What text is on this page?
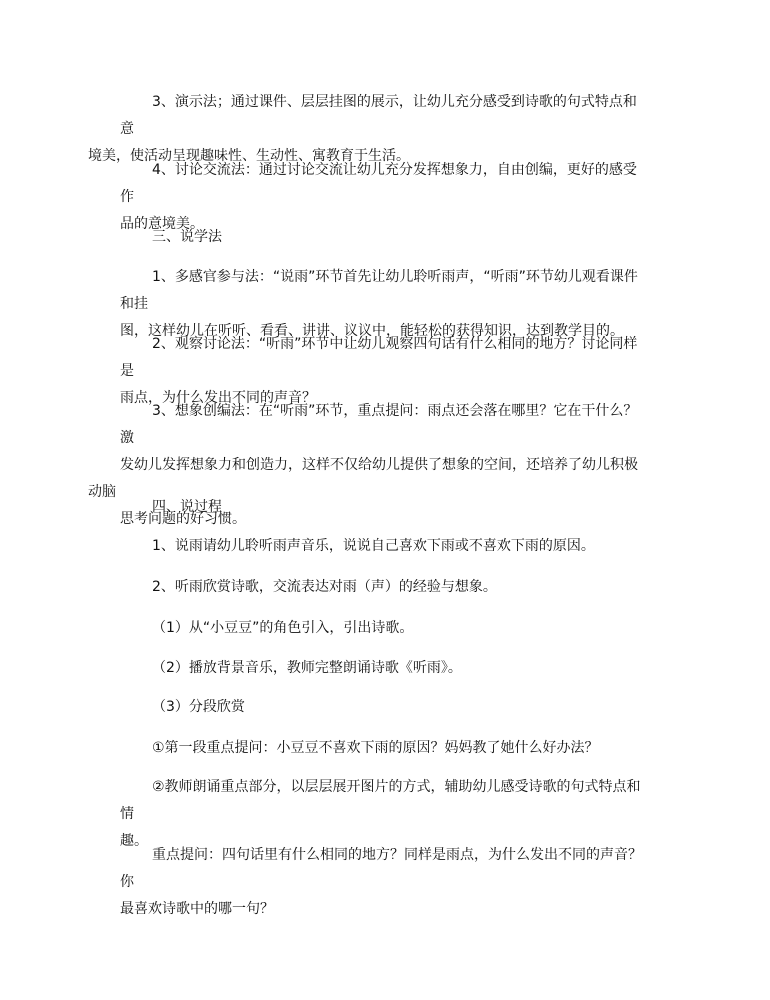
3、演示法；通过课件、层层挂图的展示，让幼儿充分感受到诗歌的句式特点和意
境美，使活动呈现趣味性、生动性、寓教育于生活。

4、讨论交流法：通过讨论交流让幼儿充分发挥想象力，自由创编，更好的感受作
品的意境美。

三、说学法

1、多感官参与法：“说雨”环节首先让幼儿聆听雨声，“听雨”环节幼儿观看课件和挂
图，这样幼儿在听听、看看、讲讲、议议中，能轻松的获得知识，达到教学目的。

2、观察讨论法：“听雨”环节中让幼儿观察四句话有什么相同的地方？讨论同样是
雨点，为什么发出不同的声音？

3、想象创编法：在“听雨”环节，重点提问：雨点还会落在哪里？它在干什么？激
发幼儿发挥想象力和创造力，这样不仅给幼儿提供了想象的空间，还培养了幼儿积极动脑
思考问题的好习惯。

四、说过程

1、说雨请幼儿聆听雨声音乐，说说自己喜欢下雨或不喜欢下雨的原因。

2、听雨欣赏诗歌，交流表达对雨（声）的经验与想象。

（1）从“小豆豆”的角色引入，引出诗歌。

（2）播放背景音乐，教师完整朗诵诗歌《听雨》。

（3）分段欣赏

①第一段重点提问：小豆豆不喜欢下雨的原因？妈妈教了她什么好办法？

②教师朗诵重点部分，以层层展开图片的方式，辅助幼儿感受诗歌的句式特点和情
趣。

重点提问：四句话里有什么相同的地方？同样是雨点，为什么发出不同的声音？你
最喜欢诗歌中的哪一句？
